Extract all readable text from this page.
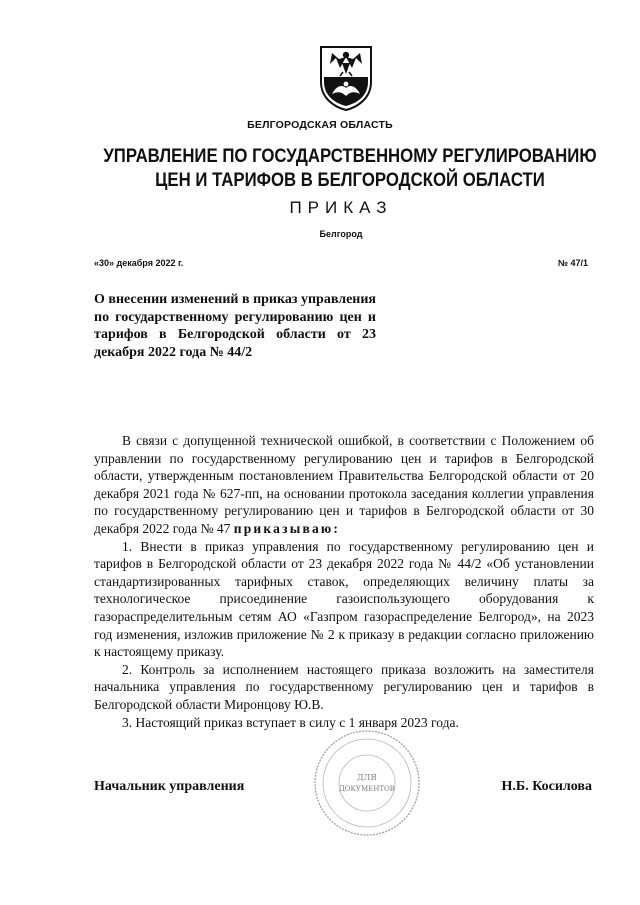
БЕЛГОРОДСКАЯ ОБЛАСТЬ
УПРАВЛЕНИЕ ПО ГОСУДАРСТВЕННОМУ РЕГУЛИРОВАНИЮ
ЦЕН И ТАРИФОВ В БЕЛГОРОДСКОЙ ОБЛАСТИ
ПРИКАЗ
Белгород
«30» декабря 2022 г.	№ 47/1
О внесении изменений в приказ управления по государственному регулированию цен и тарифов в Белгородской области от 23 декабря 2022 года № 44/2

В связи с допущенной технической ошибкой, в соответствии с Положением об управлении по государственному регулированию цен и тарифов в Белгородской области, утвержденным постановлением Правительства Белгородской области от 20 декабря 2021 года № 627-пп, на основании протокола заседания коллегии управления по государственному регулированию цен и тарифов в Белгородской области от 30 декабря 2022 года № 47 приказываю:

1. Внести в приказ управления по государственному регулированию цен и тарифов в Белгородской области от 23 декабря 2022 года № 44/2 «Об установлении стандартизированных тарифных ставок, определяющих величину платы за технологическое присоединение газоиспользующего оборудования к газораспределительным сетям АО «Газпром газораспределение Белгород», на 2023 год изменения, изложив приложение № 2 к приказу в редакции согласно приложению к настоящему приказу.

2. Контроль за исполнением настоящего приказа возложить на заместителя начальника управления по государственному регулированию цен и тарифов в Белгородской области Миронцову Ю.В.

3. Настоящий приказ вступает в силу с 1 января 2023 года.

ДЛЯ
ДОКУМЕНТОВ
Начальник управления	Н.Б. Косилова
